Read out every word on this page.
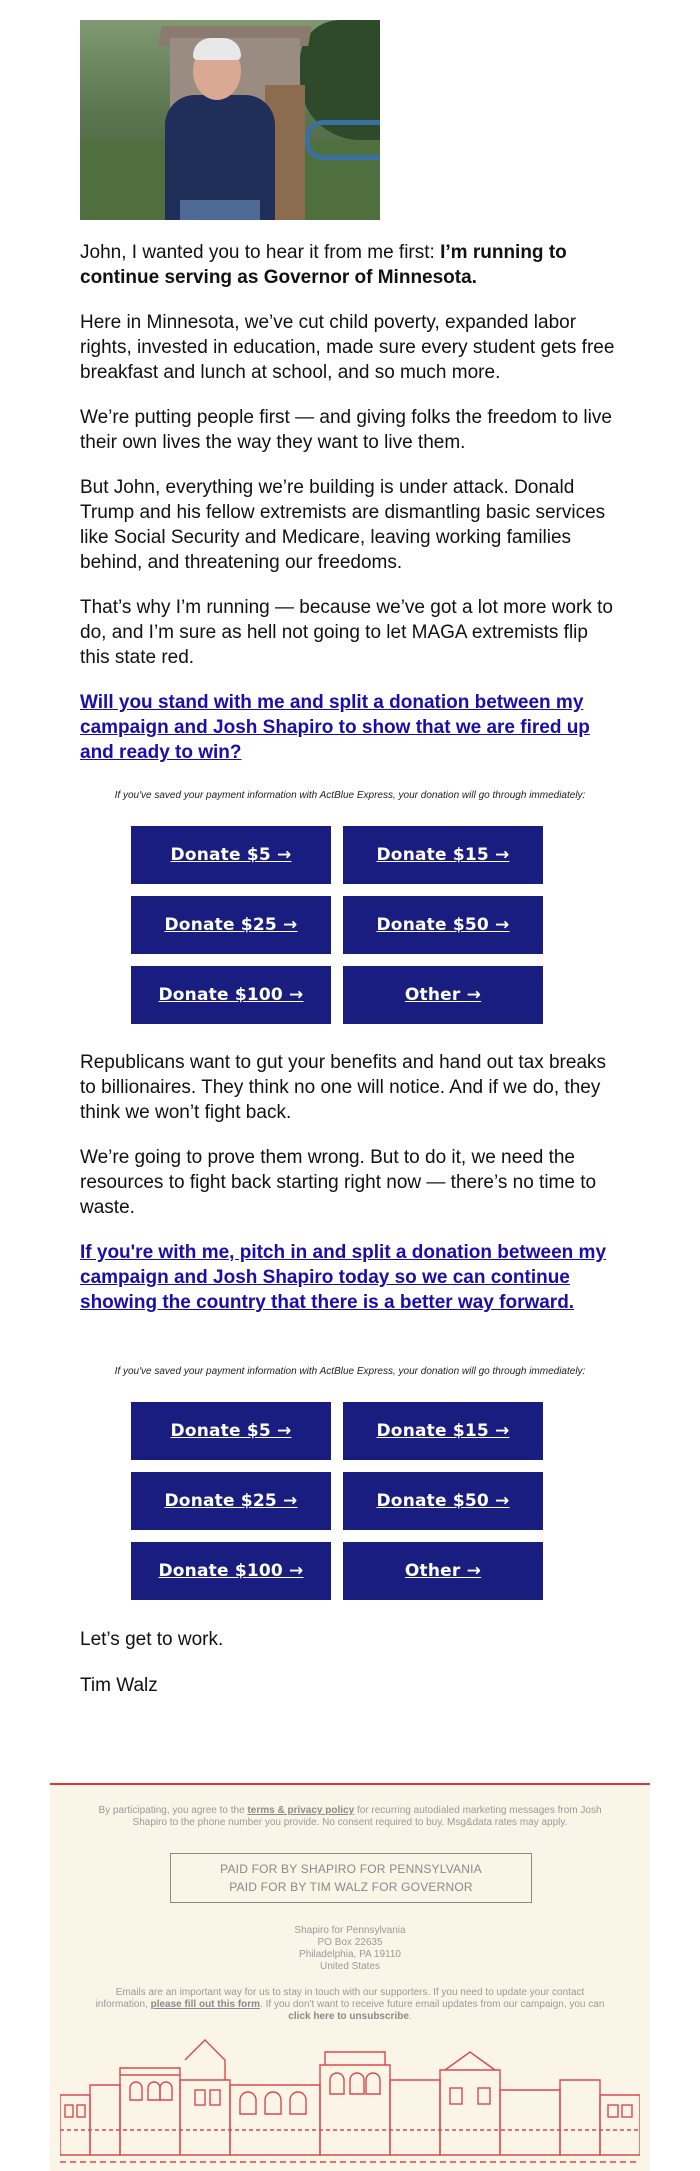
John, I wanted you to hear it from me first: I’m running to continue serving as Governor of Minnesota.

Here in Minnesota, we’ve cut child poverty, expanded labor rights, invested in education, made sure every student gets free breakfast and lunch at school, and so much more.

We’re putting people first — and giving folks the freedom to live their own lives the way they want to live them.

But John, everything we’re building is under attack. Donald Trump and his fellow extremists are dismantling basic services like Social Security and Medicare, leaving working families behind, and threatening our freedoms.

That’s why I’m running — because we’ve got a lot more work to do, and I’m sure as hell not going to let MAGA extremists flip this state red.

Will you stand with me and split a donation between my campaign and Josh Shapiro to show that we are fired up and ready to win?
If you've saved your payment information with ActBlue Express, your donation will go through immediately:
Donate $5 →	Donate $15 →
Donate $25 →	Donate $50 →
Donate $100 →	Other →

Republicans want to gut your benefits and hand out tax breaks to billionaires. They think no one will notice. And if we do, they think we won’t fight back.

We’re going to prove them wrong. But to do it, we need the resources to fight back starting right now — there’s no time to waste.

If you're with me, pitch in and split a donation between my campaign and Josh Shapiro today so we can continue showing the country that there is a better way forward.
If you've saved your payment information with ActBlue Express, your donation will go through immediately:
Donate $5 →	Donate $15 →
Donate $25 →	Donate $50 →
Donate $100 →	Other →

Let’s get to work.

Tim Walz

By participating, you agree to the terms & privacy policy for recurring autodialed marketing messages from Josh Shapiro to the phone number you provide. No consent required to buy. Msg&data rates may apply.
PAID FOR BY SHAPIRO FOR PENNSYLVANIA
PAID FOR BY TIM WALZ FOR GOVERNOR
Shapiro for Pennsylvania
PO Box 22635
Philadelphia, PA 19110
United States
Emails are an important way for us to stay in touch with our supporters. If you need to update your contact information, please fill out this form. If you don't want to receive future email updates from our campaign, you can click here to unsubscribe.
